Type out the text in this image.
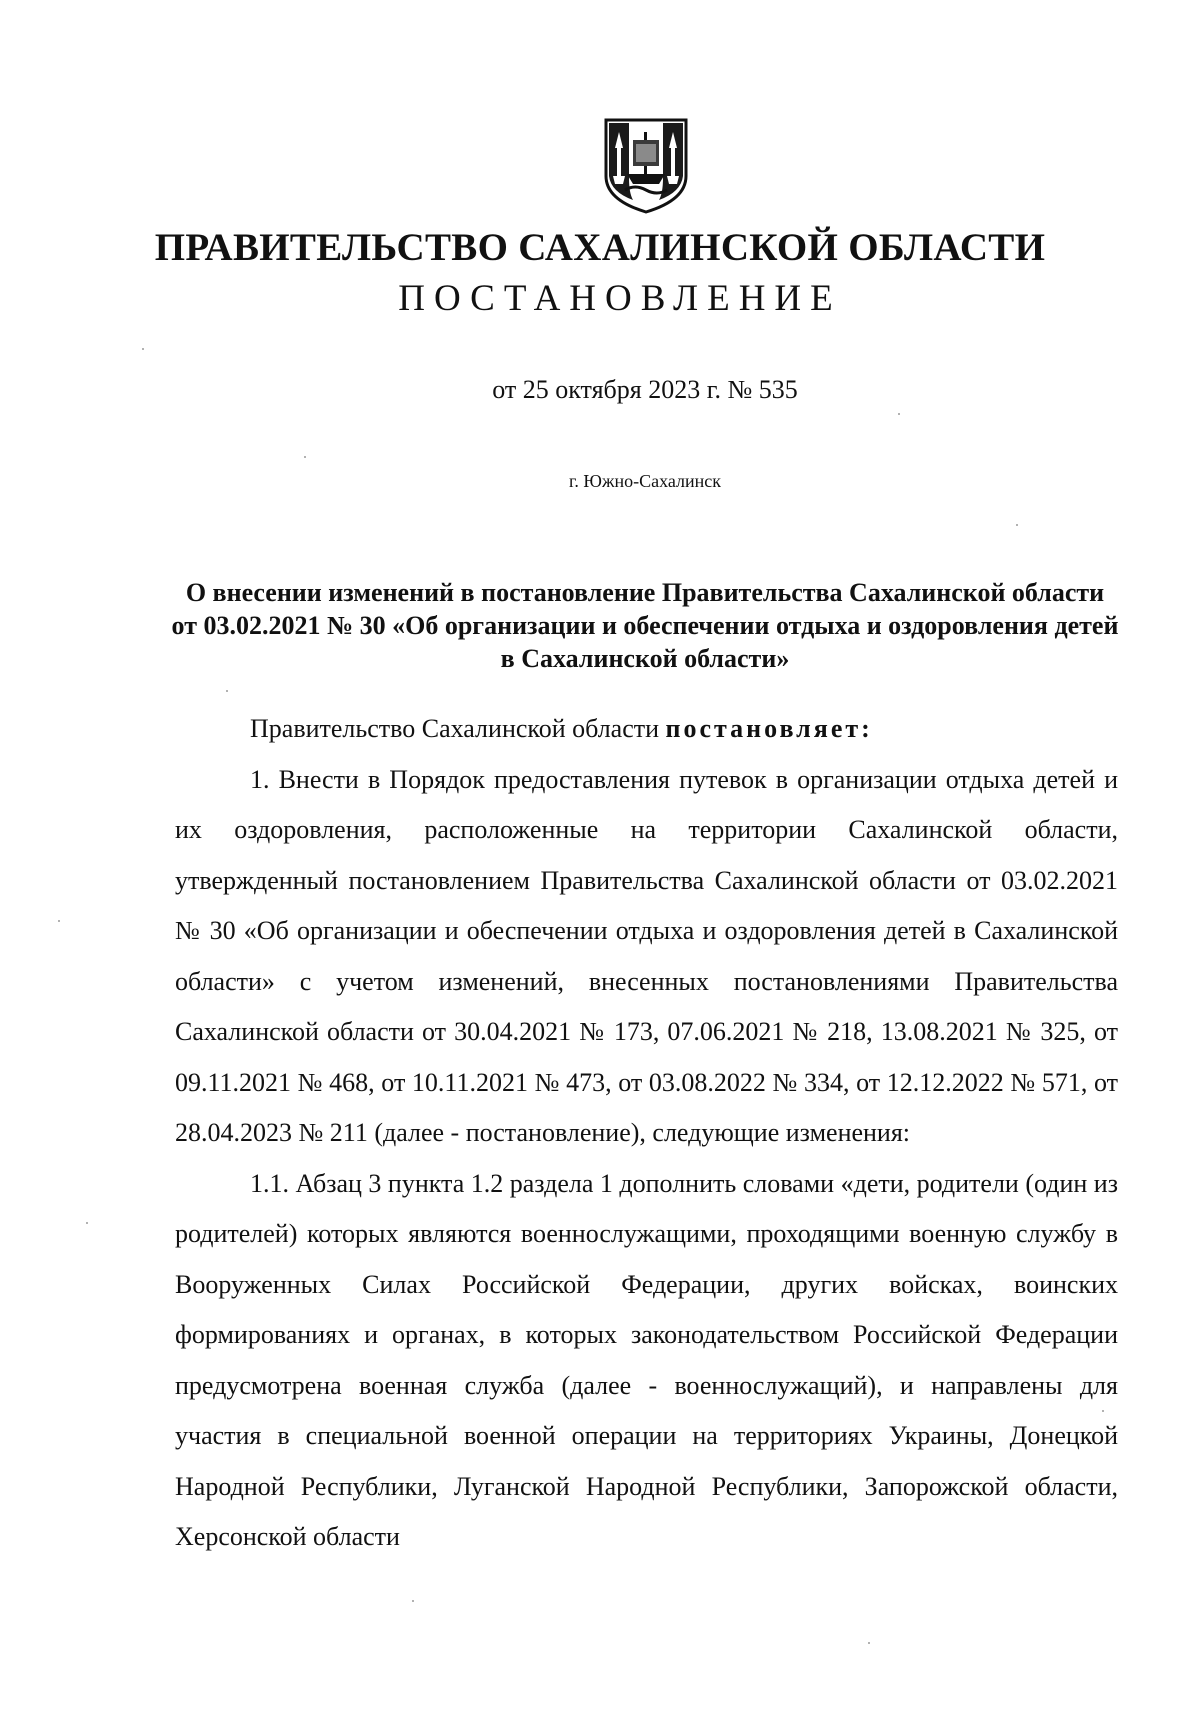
ПРАВИТЕЛЬСТВО САХАЛИНСКОЙ ОБЛАСТИ
ПОСТАНОВЛЕНИЕ
от 25 октября 2023 г. № 535
г. Южно-Сахалинск
О внесении изменений в постановление Правительства Сахалинской области от 03.02.2021 № 30 «Об организации и обеспечении отдыха и оздоровления детей в Сахалинской области»

Правительство Сахалинской области постановляет:

1. Внести в Порядок предоставления путевок в организации отдыха детей и их оздоровления, расположенные на территории Сахалинской области, утвержденный постановлением Правительства Сахалинской области от 03.02.2021 № 30 «Об организации и обеспечении отдыха и оздоровления детей в Сахалинской области» с учетом изменений, внесенных постановлениями Правительства Сахалинской области от 30.04.2021 № 173, 07.06.2021 № 218, 13.08.2021 № 325, от 09.11.2021 № 468, от 10.11.2021 № 473, от 03.08.2022 № 334, от 12.12.2022 № 571, от 28.04.2023 № 211 (далее - постановление), следующие изменения:

1.1. Абзац 3 пункта 1.2 раздела 1 дополнить словами «дети, родители (один из родителей) которых являются военнослужащими, проходящими военную службу в Вооруженных Силах Российской Федерации, других войсках, воинских формированиях и органах, в которых законодательством Российской Федерации предусмотрена военная служба (далее - военнослужащий), и направлены для участия в специальной военной операции на территориях Украины, Донецкой Народной Республики, Луганской Народной Республики, Запорожской области, Херсонской области
